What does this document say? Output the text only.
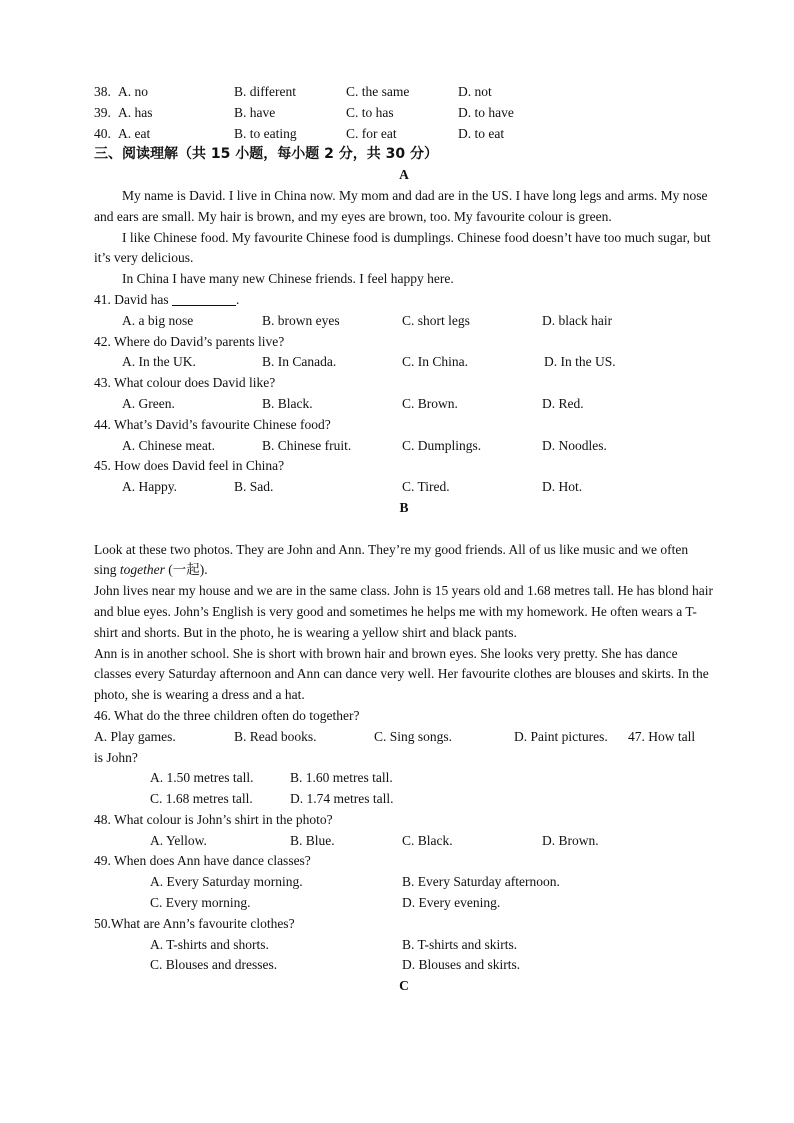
38. A. no	B. different	C. the same	D. not
39. A. has	B. have	C. to has	D. to have
40. A. eat	B. to eating	C. for eat	D. to eat
三、阅读理解（共 15 小题，每小题 2 分，共 30 分）
A
My name is David. I live in China now. My mom and dad are in the US. I have long legs and arms. My nose and ears are small. My hair is brown, and my eyes are brown, too. My favourite colour is green.
I like Chinese food. My favourite Chinese food is dumplings. Chinese food doesn’t have too much sugar, but it’s very delicious.
In China I have many new Chinese friends. I feel happy here.
41. David has	.
A. a big nose	B. brown eyes	C. short legs	D. black hair
42. Where do David’s parents live?
A. In the UK.	B. In Canada.	C. In China.	D. In the US.
43. What colour does David like?
A. Green.	B. Black.	C. Brown.	D. Red.
44. What’s David’s favourite Chinese food?
A. Chinese meat.	B. Chinese fruit.	C. Dumplings.	D. Noodles.
45. How does David feel in China?
A. Happy.	B. Sad.	C. Tired.	D. Hot.
B
Look at these two photos. They are John and Ann. They’re my good friends. All of us like music and we often sing together (一起).
John lives near my house and we are in the same class. John is 15 years old and 1.68 metres tall. He has blond hair and blue eyes. John’s English is very good and sometimes he helps me with my homework. He often wears a T-shirt and shorts. But in the photo, he is wearing a yellow shirt and black pants.
Ann is in another school. She is short with brown hair and brown eyes. She looks very pretty. She has dance classes every Saturday afternoon and Ann can dance very well. Her favourite clothes are blouses and skirts. In the photo, she is wearing a dress and a hat.
46. What do the three children often do together?
A. Play games.	B. Read books.	C. Sing songs.	D. Paint pictures. 47. How tall
is John?
A. 1.50 metres tall.	B. 1.60 metres tall.
C. 1.68 metres tall.	D. 1.74 metres tall.
48. What colour is John’s shirt in the photo?
A. Yellow.	B. Blue.	C. Black.	D. Brown.
49. When does Ann have dance classes?
A. Every Saturday morning.	B. Every Saturday afternoon.
C. Every morning.	D. Every evening.
50.What are Ann’s favourite clothes?
A. T-shirts and shorts.	B. T-shirts and skirts.
C. Blouses and dresses.	D. Blouses and skirts.
C
